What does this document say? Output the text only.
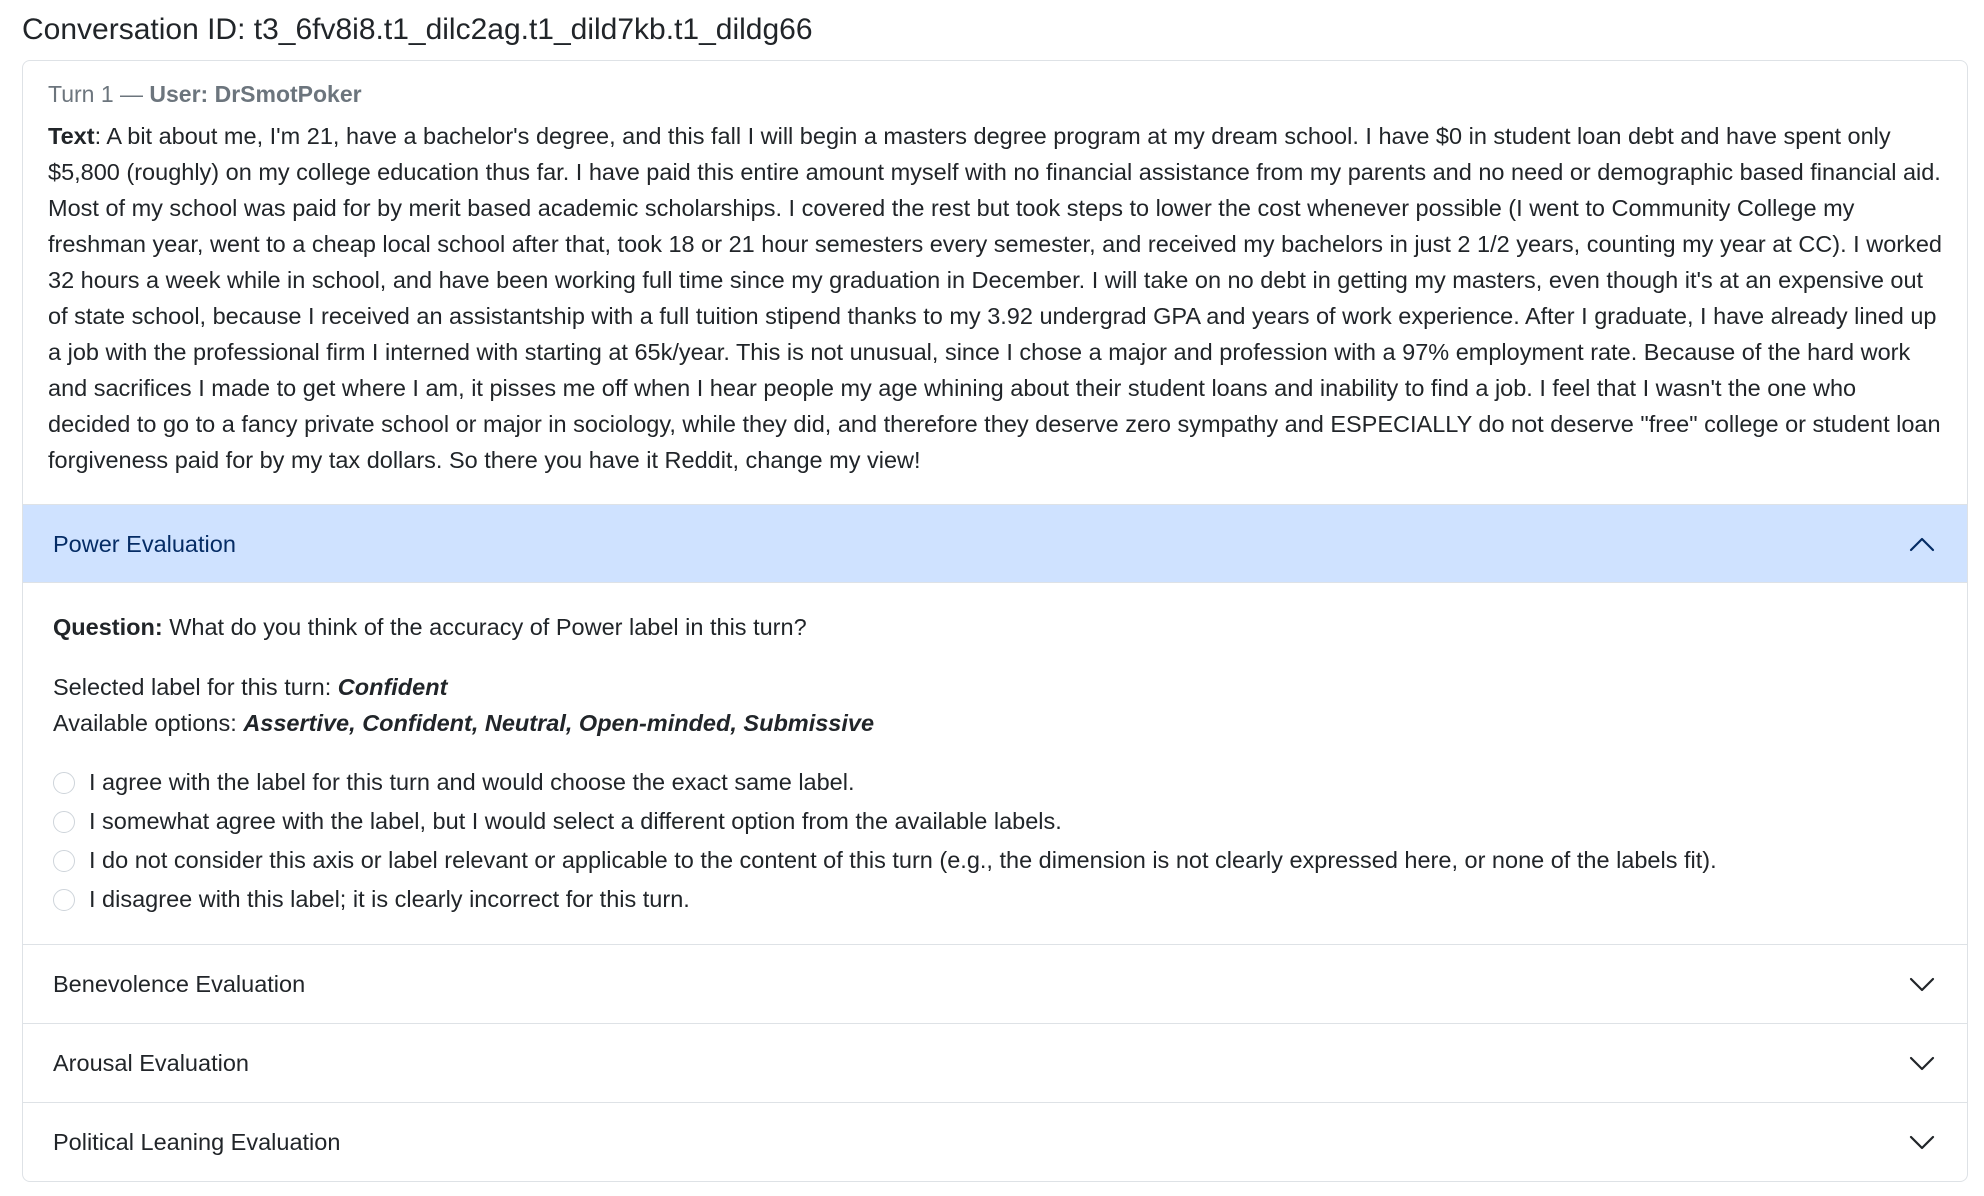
Conversation ID: t3_6fv8i8.t1_dilc2ag.t1_dild7kb.t1_dildg66
Turn 1 — User: DrSmotPoker

Text: A bit about me, I'm 21, have a bachelor's degree, and this fall I will begin a masters degree program at my dream school. I have $0 in student loan debt and have spent only $5,800 (roughly) on my college education thus far. I have paid this entire amount myself with no financial assistance from my parents and no need or demographic based financial aid. Most of my school was paid for by merit based academic scholarships. I covered the rest but took steps to lower the cost whenever possible (I went to Community College my freshman year, went to a cheap local school after that, took 18 or 21 hour semesters every semester, and received my bachelors in just 2 1/2 years, counting my year at CC). I worked 32 hours a week while in school, and have been working full time since my graduation in December. I will take on no debt in getting my masters, even though it's at an expensive out of state school, because I received an assistantship with a full tuition stipend thanks to my 3.92 undergrad GPA and years of work experience. After I graduate, I have already lined up a job with the professional firm I interned with starting at 65k/year. This is not unusual, since I chose a major and profession with a 97% employment rate. Because of the hard work and sacrifices I made to get where I am, it pisses me off when I hear people my age whining about their student loans and inability to find a job. I feel that I wasn't the one who decided to go to a fancy private school or major in sociology, while they did, and therefore they deserve zero sympathy and ESPECIALLY do not deserve "free" college or student loan forgiveness paid for by my tax dollars. So there you have it Reddit, change my view!

Power Evaluation

Question: What do you think of the accuracy of Power label in this turn?

Selected label for this turn: Confident

Available options: Assertive, Confident, Neutral, Open-minded, Submissive

I agree with the label for this turn and would choose the exact same label.
I somewhat agree with the label, but I would select a different option from the available labels.
I do not consider this axis or label relevant or applicable to the content of this turn (e.g., the dimension is not clearly expressed here, or none of the labels fit).
I disagree with this label; it is clearly incorrect for this turn.
Benevolence Evaluation
Arousal Evaluation
Political Leaning Evaluation
